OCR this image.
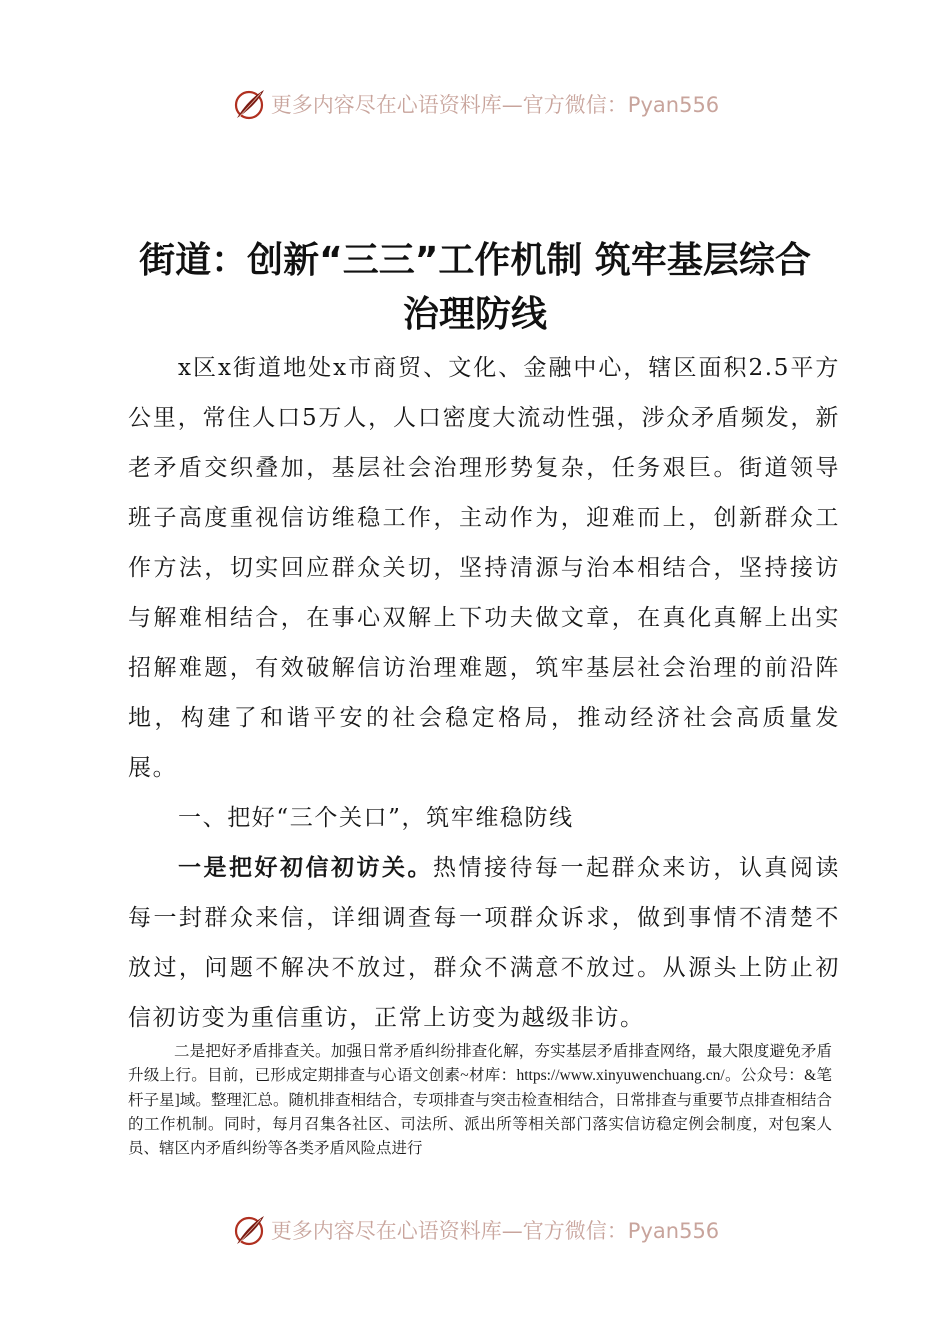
更多内容尽在心语资料库—官方微信：Pyan556
街道：创新“三三”工作机制 筑牢基层综合
治理防线
x区x街道地处x市商贸、文化、金融中心，辖区面积2.5平方公里，常住人口5万人，人口密度大流动性强，涉众矛盾频发，新老矛盾交织叠加，基层社会治理形势复杂，任务艰巨。街道领导班子高度重视信访维稳工作，主动作为，迎难而上，创新群众工作方法，切实回应群众关切，坚持清源与治本相结合，坚持接访与解难相结合，在事心双解上下功夫做文章，在真化真解上出实招解难题，有效破解信访治理难题，筑牢基层社会治理的前沿阵地，构建了和谐平安的社会稳定格局，推动经济社会高质量发展。
一、把好“三个关口”，筑牢维稳防线
一是把好初信初访关。热情接待每一起群众来访，认真阅读每一封群众来信，详细调查每一项群众诉求，做到事情不清楚不放过，问题不解决不放过，群众不满意不放过。从源头上防止初信初访变为重信重访，正常上访变为越级非访。
二是把好矛盾排查关。加强日常矛盾纠纷排查化解，夯实基层矛盾排查网络，最大限度避免矛盾升级上行。目前，已形成定期排查与心语文创素~材库：https://www.xinyuwenchuang.cn/。公众号：&笔杆子星]域。整理汇总。随机排查相结合，专项排查与突击检查相结合，日常排查与重要节点排查相结合的工作机制。同时，每月召集各社区、司法所、派出所等相关部门落实信访稳定例会制度，对包案人员、辖区内矛盾纠纷等各类矛盾风险点进行
更多内容尽在心语资料库—官方微信：Pyan556
